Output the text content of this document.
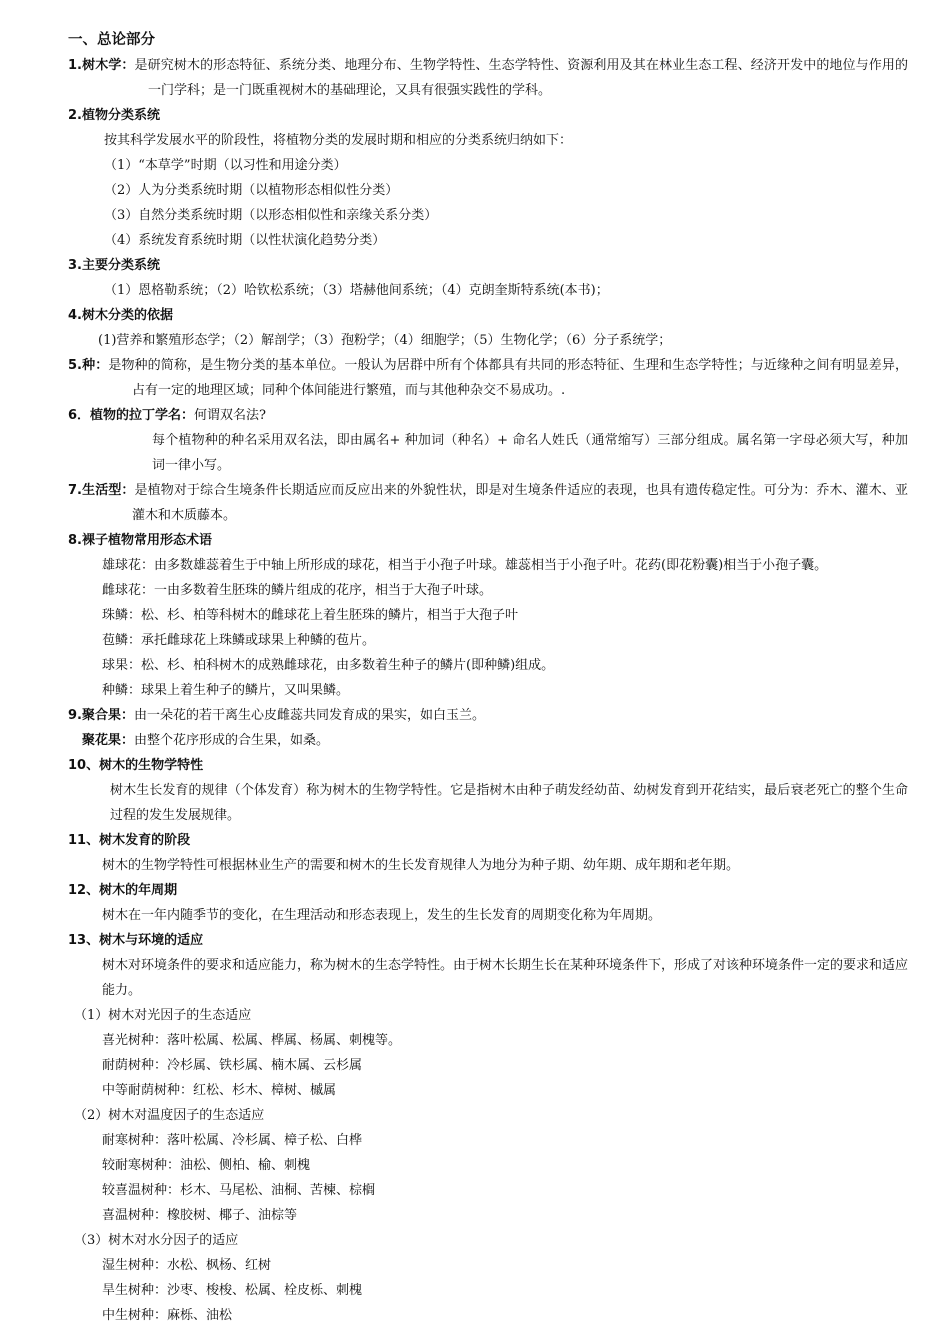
一、总论部分
1.树木学：是研究树木的形态特征、系统分类、地理分布、生物学特性、生态学特性、资源利用及其在林业生态工程、经济开发中的地位与作用的一门学科；是一门既重视树木的基础理论，又具有很强实践性的学科。
2.植物分类系统
按其科学发展水平的阶段性，将植物分类的发展时期和相应的分类系统归纳如下：
（1）“本草学”时期（以习性和用途分类）
（2）人为分类系统时期（以植物形态相似性分类）
（3）自然分类系统时期（以形态相似性和亲缘关系分类）
（4）系统发育系统时期（以性状演化趋势分类）
3.主要分类系统
（1）恩格勒系统；（2）哈钦松系统；（3）塔赫他间系统；（4）克朗奎斯特系统(本书)；
4.树木分类的依据
(1)营养和繁殖形态学；（2）解剖学；（3）孢粉学；（4）细胞学；（5）生物化学；（6）分子系统学；
5.种：是物种的简称，是生物分类的基本单位。一般认为居群中所有个体都具有共同的形态特征、生理和生态学特性；与近缘种之间有明显差异，占有一定的地理区域；同种个体间能进行繁殖，而与其他种杂交不易成功。.
6．植物的拉丁学名：何谓双名法?
每个植物种的种名采用双名法，即由属名+ 种加词（种名）+ 命名人姓氏（通常缩写）三部分组成。属名第一字母必须大写，种加词一律小写。
7.生活型：是植物对于综合生境条件长期适应而反应出来的外貌性状，即是对生境条件适应的表现，也具有遗传稳定性。可分为：乔木、灌木、亚灌木和木质藤本。
8.裸子植物常用形态术语
雄球花：由多数雄蕊着生于中轴上所形成的球花，相当于小孢子叶球。雄蕊相当于小孢子叶。花药(即花粉囊)相当于小孢子囊。
雌球花：一由多数着生胚珠的鳞片组成的花序，相当于大孢子叶球。
珠鳞：松、杉、柏等科树木的雌球花上着生胚珠的鳞片，相当于大孢子叶
苞鳞：承托雌球花上珠鳞或球果上种鳞的苞片。
球果：松、杉、柏科树木的成熟雌球花，由多数着生种子的鳞片(即种鳞)组成。
种鳞：球果上着生种子的鳞片，又叫果鳞。
9.聚合果：由一朵花的若干离生心皮雌蕊共同发育成的果实，如白玉兰。
聚花果：由整个花序形成的合生果，如桑。
10、树木的生物学特性
树木生长发育的规律（个体发育）称为树木的生物学特性。它是指树木由种子萌发经幼苗、幼树发育到开花结实，最后衰老死亡的整个生命过程的发生发展规律。
11、树木发育的阶段
树木的生物学特性可根据林业生产的需要和树木的生长发育规律人为地分为种子期、幼年期、成年期和老年期。
12、树木的年周期
树木在一年内随季节的变化，在生理活动和形态表现上，发生的生长发育的周期变化称为年周期。
13、树木与环境的适应
树木对环境条件的要求和适应能力，称为树木的生态学特性。由于树木长期生长在某种环境条件下，形成了对该种环境条件一定的要求和适应能力。
（1）树木对光因子的生态适应
喜光树种：落叶松属、松属、桦属、杨属、刺槐等。
耐荫树种：冷杉属、铁杉属、楠木属、云杉属
中等耐荫树种：红松、杉木、樟树、槭属
（2）树木对温度因子的生态适应
耐寒树种：落叶松属、冷杉属、樟子松、白桦
较耐寒树种：油松、侧柏、榆、刺槐
较喜温树种：杉木、马尾松、油桐、苦楝、棕榈
喜温树种：橡胶树、椰子、油棕等
（3）树木对水分因子的适应
湿生树种：水松、枫杨、红树
旱生树种：沙枣、梭梭、松属、栓皮栎、刺槐
中生树种：麻栎、油松
